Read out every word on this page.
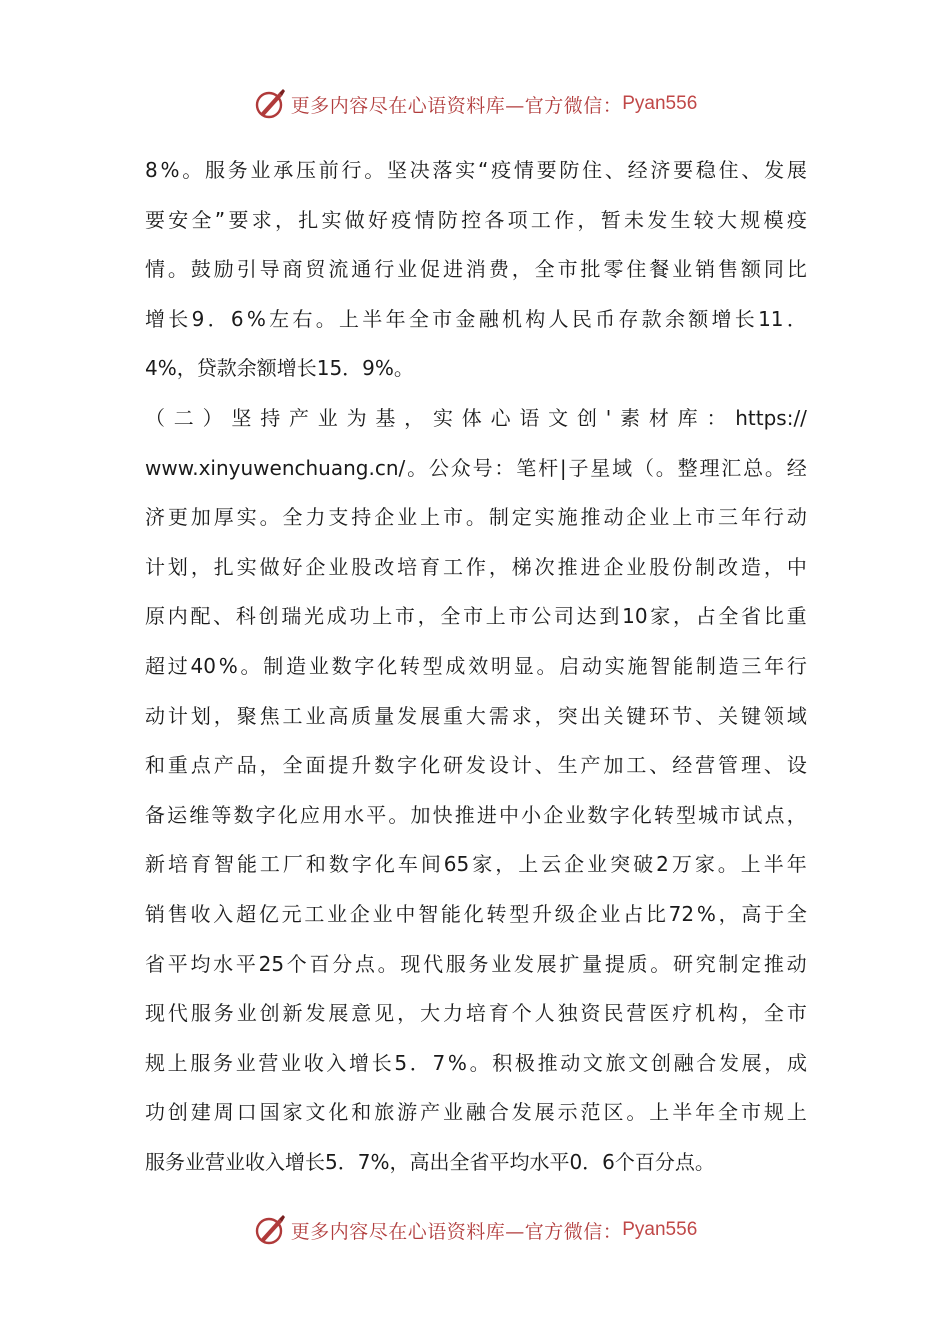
更多内容尽在心语资料库—官方微信： Pyan556
8 % 。 服 务 业 承 压 前 行 。 坚 决 落 实 “ 疫 情 要 防 住 、 经 济 要 稳 住 、 发 展
要 安 全 ” 要 求 ， 扎 实 做 好 疫 情 防 控 各 项 工 作 ， 暂 未 发 生 较 大 规 模 疫
情 。 鼓 励 引 导 商 贸 流 通 行 业 促 进 消 费 ， 全 市 批 零 住 餐 业 销 售 额 同 比
增 长 9 ． 6 % 左 右 。 上 半 年 全 市 金 融 机 构 人 民 币 存 款 余 额 增 长 11 ．
4%，贷款余额增长15．9%。
（ 二 ） 坚 持 产 业 为 基 ， 实 体 心 语 文 创 ' 素 材 库 ： https://
www.xinyuwenchuang.cn/ 。 公 众 号 ： 笔 杆 | 子 星 域 （ 。 整 理 汇 总 。 经
济 更 加 厚 实 。 全 力 支 持 企 业 上 市 。 制 定 实 施 推 动 企 业 上 市 三 年 行 动
计 划 ， 扎 实 做 好 企 业 股 改 培 育 工 作 ， 梯 次 推 进 企 业 股 份 制 改 造 ， 中
原 内 配 、 科 创 瑞 光 成 功 上 市 ， 全 市 上 市 公 司 达 到 10 家 ， 占 全 省 比 重
超 过 40 % 。 制 造 业 数 字 化 转 型 成 效 明 显 。 启 动 实 施 智 能 制 造 三 年 行
动 计 划 ， 聚 焦 工 业 高 质 量 发 展 重 大 需 求 ， 突 出 关 键 环 节 、 关 键 领 域
和 重 点 产 品 ， 全 面 提 升 数 字 化 研 发 设 计 、 生 产 加 工 、 经 营 管 理 、 设
备 运 维 等 数 字 化 应 用 水 平 。 加 快 推 进 中 小 企 业 数 字 化 转 型 城 市 试 点 ，
新 培 育 智 能 工 厂 和 数 字 化 车 间 65 家 ， 上 云 企 业 突 破 2 万 家 。 上 半 年
销 售 收 入 超 亿 元 工 业 企 业 中 智 能 化 转 型 升 级 企 业 占 比 72 % ， 高 于 全
省 平 均 水 平 25 个 百 分 点 。 现 代 服 务 业 发 展 扩 量 提 质 。 研 究 制 定 推 动
现 代 服 务 业 创 新 发 展 意 见 ， 大 力 培 育 个 人 独 资 民 营 医 疗 机 构 ， 全 市
规 上 服 务 业 营 业 收 入 增 长 5 ． 7 % 。 积 极 推 动 文 旅 文 创 融 合 发 展 ， 成
功 创 建 周 口 国 家 文 化 和 旅 游 产 业 融 合 发 展 示 范 区 。 上 半 年 全 市 规 上
服务业营业收入增长5．7%，高出全省平均水平0．6个百分点。
更多内容尽在心语资料库—官方微信： Pyan556
